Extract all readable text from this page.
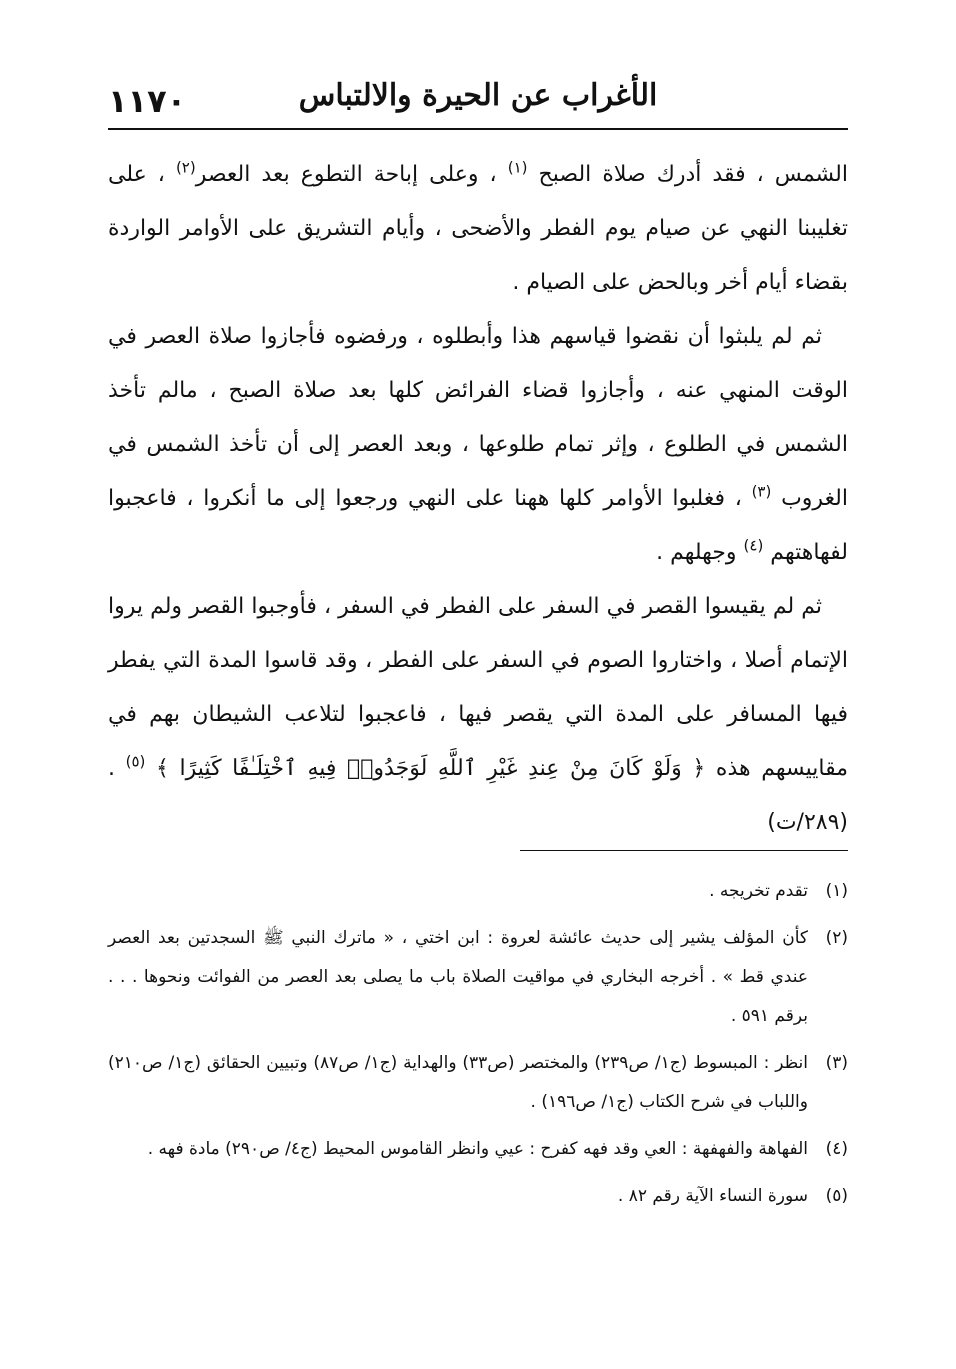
١١٧٠	الأغراب عن الحيرة والالتباس

الشمس ، فقد أدرك صلاة الصبح $^{(١)}$ ، وعلى إباحة التطوع بعد العصر$^{(٢)}$ ، على تغليبنا النهي عن صيام يوم الفطر والأضحى ، وأيام التشريق على الأوامر الواردة بقضاء أيام أخر وبالحض على الصيام .

ثم لم يلبثوا أن نقضوا قياسهم هذا وأبطلوه ، ورفضوه فأجازوا صلاة العصر في الوقت المنهي عنه ، وأجازوا قضاء الفرائض كلها بعد صلاة الصبح ، مالم تأخذ الشمس في الطلوع ، وإثر تمام طلوعها ، وبعد العصر إلى أن تأخذ الشمس في الغروب $^{(٣)}$ ، فغلبوا الأوامر كلها ههنا على النهي ورجعوا إلى ما أنكروا ، فاعجبوا لفهاهتهم $^{(٤)}$ وجهلهم .

ثم لم يقيسوا القصر في السفر على الفطر في السفر ، فأوجبوا القصر ولم يروا الإتمام أصلا ، واختاروا الصوم في السفر على الفطر ، وقد قاسوا المدة التي يفطر فيها المسافر على المدة التي يقصر فيها ، فاعجبوا لتلاعب الشيطان بهم في مقاييسهم هذه ﴿ وَلَوْ كَانَ مِنْ عِندِ غَيْرِ ٱللَّهِ لَوَجَدُوا۟ فِيهِ ٱخْتِلَـٰفًا كَثِيرًا ﴾ $^{(٥)}$ . (٢٨٩/ت)

(١)
تقدم تخريجه .
(٢)
كأن المؤلف يشير إلى حديث عائشة لعروة : ابن اختي ، « ماترك النبي ﷺ السجدتين بعد العصر عندي قط » . أخرجه البخاري في مواقيت الصلاة باب ما يصلى بعد العصر من الفوائت ونحوها . . . برقم ٥٩١ .
(٣)
انظر : المبسوط (ج١/ ص٢٣٩) والمختصر (ص٣٣) والهداية (ج١/ ص٨٧) وتبيين الحقائق (ج١/ ص٢١٠) واللباب في شرح الكتاب (ج١/ ص١٩٦) .
(٤)
الفهاهة والفهفهة : العي وقد فهه كفرح : عيي وانظر القاموس المحيط (ج٤/ ص٢٩٠) مادة فهه .
(٥)
سورة النساء الآية رقم ٨٢ .
